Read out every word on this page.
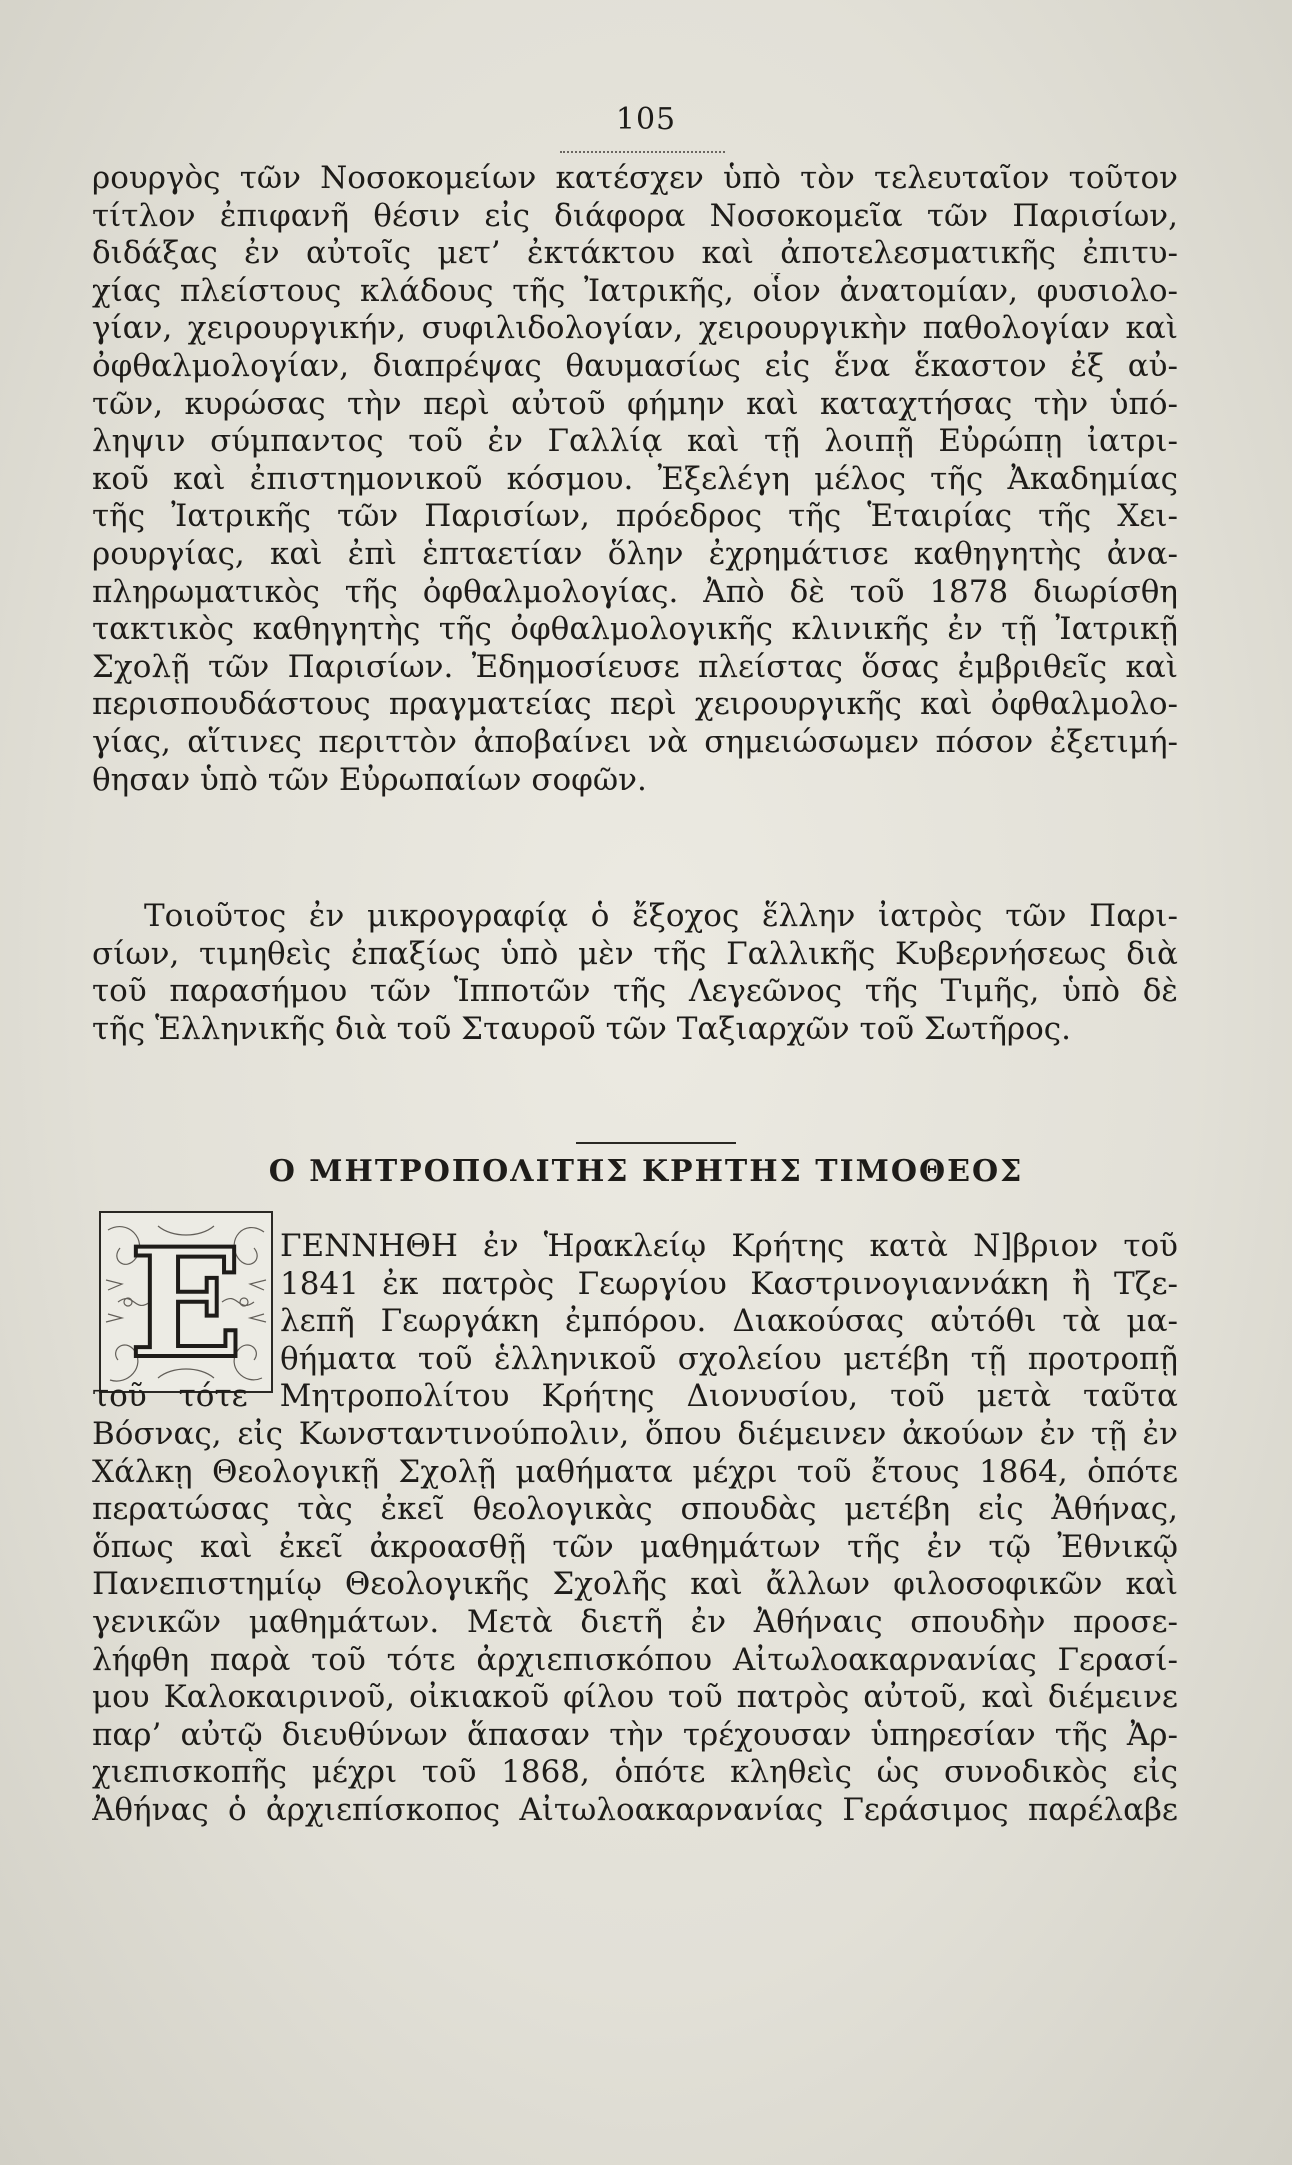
105
ρουργὸς τῶν Νοσοκομείων κατέσχεν ὑπὸ τὸν τελευταῖον τοῦτον
τίτλον ἐπιφανῆ θέσιν εἰς διάφορα Νοσοκομεῖα τῶν Παρισίων,
διδάξας ἐν αὐτοῖς μετ’ ἐκτάκτου καὶ ἀποτελεσματικῆς ἐπιτυ-
χίας πλείστους κλάδους τῆς Ἰατρικῆς, οἷον ἀνατομίαν, φυσιολο-
γίαν, χειρουργικήν, συφιλιδολογίαν, χειρουργικὴν παθολογίαν καὶ
ὀφθαλμολογίαν, διαπρέψας θαυμασίως εἰς ἕνα ἕκαστον ἐξ αὐ-
τῶν, κυρώσας τὴν περὶ αὐτοῦ φήμην καὶ καταχτήσας τὴν ὑπό-
ληψιν σύμπαντος τοῦ ἐν Γαλλίᾳ καὶ τῇ λοιπῇ Εὐρώπῃ ἰατρι-
κοῦ καὶ ἐπιστημονικοῦ κόσμου. Ἐξελέγη μέλος τῆς Ἀκαδημίας
τῆς Ἰατρικῆς τῶν Παρισίων, πρόεδρος τῆς Ἑταιρίας τῆς Χει-
ρουργίας, καὶ ἐπὶ ἑπταετίαν ὅλην ἐχρημάτισε καθηγητὴς ἀνα-
πληρωματικὸς τῆς ὀφθαλμολογίας. Ἀπὸ δὲ τοῦ 1878 διωρίσθη
τακτικὸς καθηγητὴς τῆς ὀφθαλμολογικῆς κλινικῆς ἐν τῇ Ἰατρικῇ
Σχολῇ τῶν Παρισίων. Ἐδημοσίευσε πλείστας ὅσας ἐμβριθεῖς καὶ
περισπουδάστους πραγματείας περὶ χειρουργικῆς καὶ ὀφθαλμολο-
γίας, αἵτινες περιττὸν ἀποβαίνει νὰ σημειώσωμεν πόσον ἐξετιμή-
θησαν ὑπὸ τῶν Εὐρωπαίων σοφῶν.
Τοιοῦτος ἐν μικρογραφίᾳ ὁ ἔξοχος ἕλλην ἰατρὸς τῶν Παρι-
σίων, τιμηθεὶς ἐπαξίως ὑπὸ μὲν τῆς Γαλλικῆς Κυβερνήσεως διὰ
τοῦ παρασήμου τῶν Ἱπποτῶν τῆς Λεγεῶνος τῆς Τιμῆς, ὑπὸ δὲ
τῆς Ἑλληνικῆς διὰ τοῦ Σταυροῦ τῶν Ταξιαρχῶν τοῦ Σωτῆρος.
Ο ΜΗΤΡΟΠΟΛΙΤΗΣ ΚΡΗΤΗΣ ΤΙΜΟΘΕΟΣ
Ε ΓΕΝΝΗΘΗ ἐν Ἡρακλείῳ Κρήτης κατὰ Ν]βριον τοῦ
1841 ἐκ πατρὸς Γεωργίου Καστρινογιαννάκη ἢ Τζε-
λεπῆ Γεωργάκη ἐμπόρου. Διακούσας αὐτόθι τὰ μα-
θήματα τοῦ ἑλληνικοῦ σχολείου μετέβη τῇ προτροπῇ
τοῦ τότε Μητροπολίτου Κρήτης Διονυσίου, τοῦ μετὰ ταῦτα
Βόσνας, εἰς Κωνσταντινούπολιν, ὅπου διέμεινεν ἀκούων ἐν τῇ ἐν
Χάλκῃ Θεολογικῇ Σχολῇ μαθήματα μέχρι τοῦ ἔτους 1864, ὁπότε
περατώσας τὰς ἐκεῖ θεολογικὰς σπουδὰς μετέβη εἰς Ἀθήνας,
ὅπως καὶ ἐκεῖ ἀκροασθῇ τῶν μαθημάτων τῆς ἐν τῷ Ἐθνικῷ
Πανεπιστημίῳ Θεολογικῆς Σχολῆς καὶ ἄλλων φιλοσοφικῶν καὶ
γενικῶν μαθημάτων. Μετὰ διετῆ ἐν Ἀθήναις σπουδὴν προσε-
λήφθη παρὰ τοῦ τότε ἀρχιεπισκόπου Αἰτωλοακαρνανίας Γερασί-
μου Καλοκαιρινοῦ, οἰκιακοῦ φίλου τοῦ πατρὸς αὐτοῦ, καὶ διέμεινε
παρ’ αὐτῷ διευθύνων ἅπασαν τὴν τρέχουσαν ὑπηρεσίαν τῆς Ἀρ-
χιεπισκοπῆς μέχρι τοῦ 1868, ὁπότε κληθεὶς ὡς συνοδικὸς εἰς
Ἀθήνας ὁ ἀρχιεπίσκοπος Αἰτωλοακαρνανίας Γεράσιμος παρέλαβε
